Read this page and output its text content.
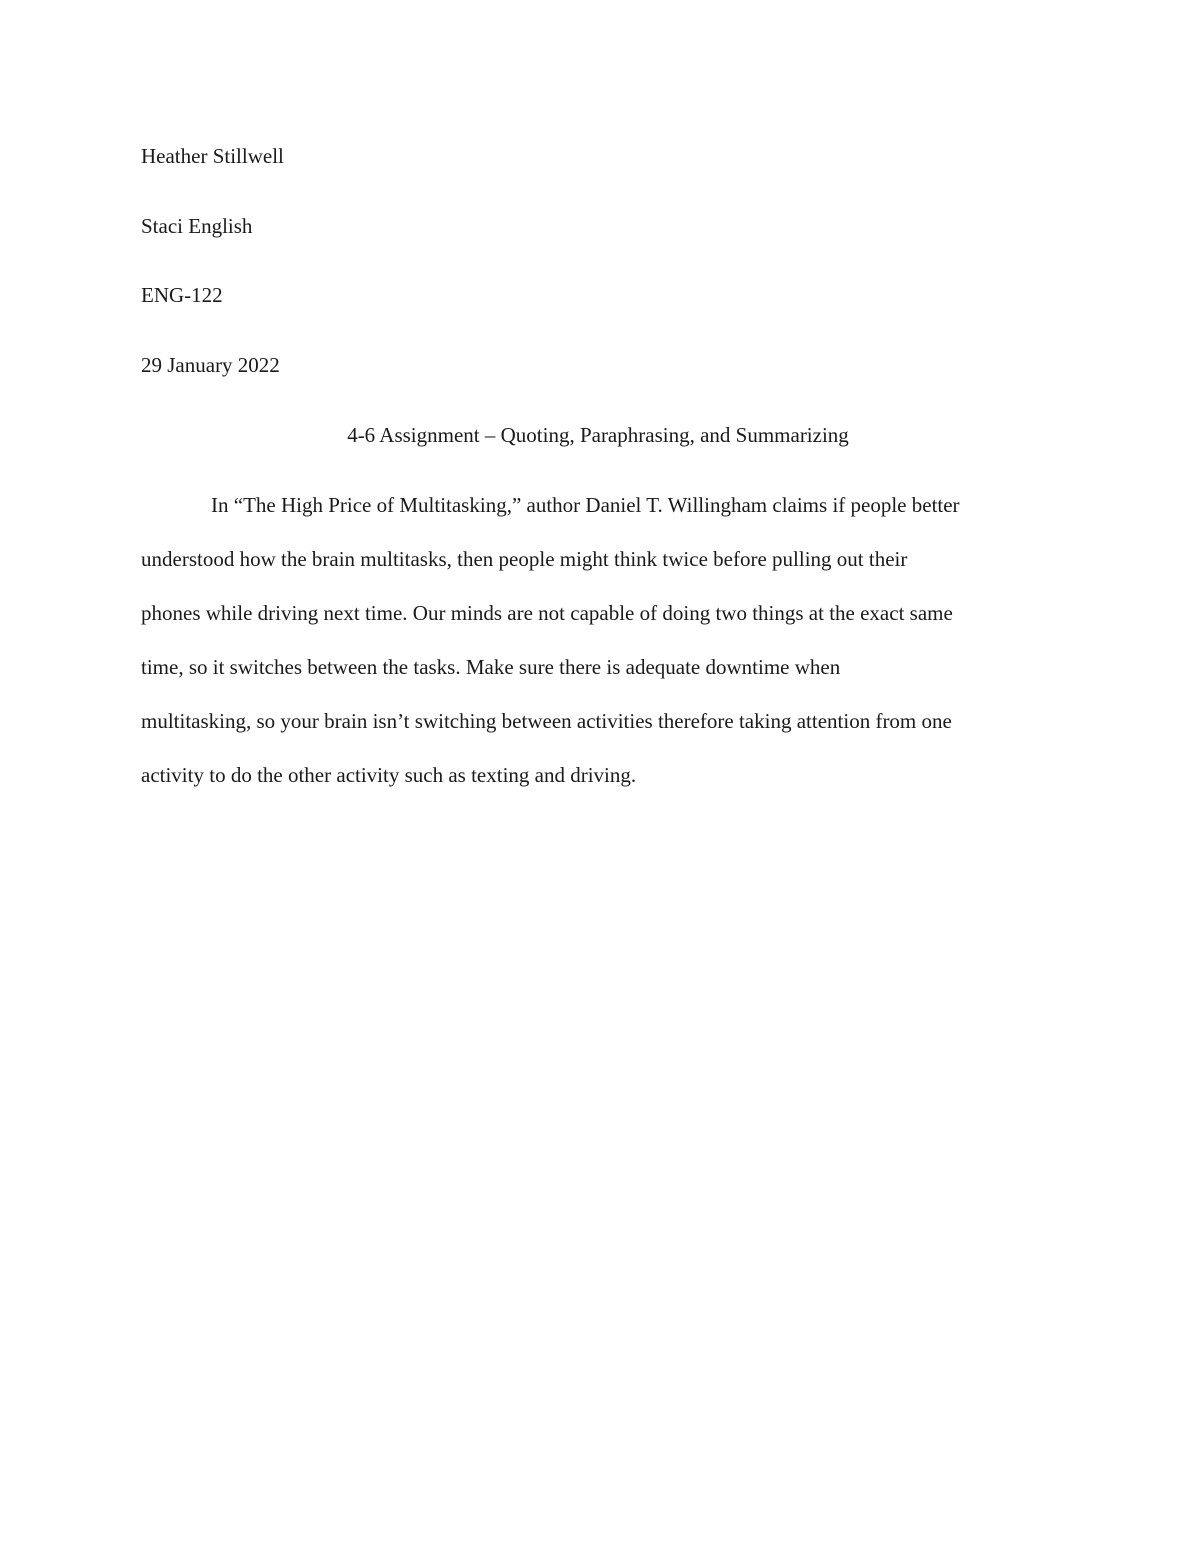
Heather Stillwell

Staci English

ENG-122

29 January 2022

4-6 Assignment – Quoting, Paraphrasing, and Summarizing

In “The High Price of Multitasking,” author Daniel T. Willingham claims if people better

understood how the brain multitasks, then people might think twice before pulling out their

phones while driving next time. Our minds are not capable of doing two things at the exact same

time, so it switches between the tasks. Make sure there is adequate downtime when

multitasking, so your brain isn’t switching between activities therefore taking attention from one

activity to do the other activity such as texting and driving.
